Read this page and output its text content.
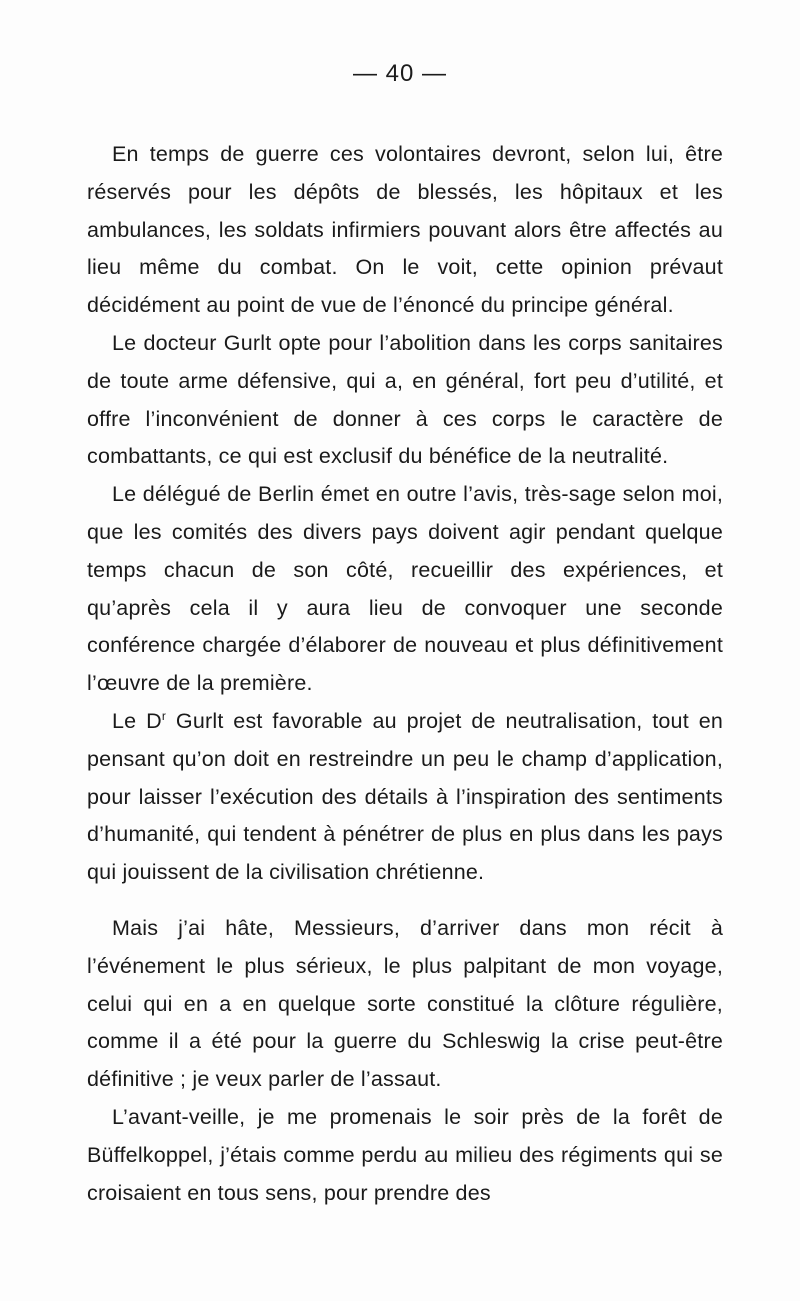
— 40 —

En temps de guerre ces volontaires devront, selon lui, être réservés pour les dépôts de blessés, les hôpitaux et les ambulances, les soldats infirmiers pouvant alors être affectés au lieu même du combat. On le voit, cette opinion prévaut décidément au point de vue de l’énoncé du principe général.

Le docteur Gurlt opte pour l’abolition dans les corps sanitaires de toute arme défensive, qui a, en général, fort peu d’utilité, et offre l’inconvénient de donner à ces corps le caractère de combattants, ce qui est exclusif du bénéfice de la neutralité.

Le délégué de Berlin émet en outre l’avis, très-sage selon moi, que les comités des divers pays doivent agir pendant quelque temps chacun de son côté, recueillir des expériences, et qu’après cela il y aura lieu de convoquer une seconde conférence chargée d’élaborer de nouveau et plus définitivement l’œuvre de la première.

Le $D^r$ Gurlt est favorable au projet de neutralisation, tout en pensant qu’on doit en restreindre un peu le champ d’application, pour laisser l’exécution des détails à l’inspiration des sentiments d’humanité, qui tendent à pénétrer de plus en plus dans les pays qui jouissent de la civilisation chrétienne.

Mais j’ai hâte, Messieurs, d’arriver dans mon récit à l’événement le plus sérieux, le plus palpitant de mon voyage, celui qui en a en quelque sorte constitué la clôture régulière, comme il a été pour la guerre du Schleswig la crise peut-être définitive ; je veux parler de l’assaut.

L’avant-veille, je me promenais le soir près de la forêt de Büffelkoppel, j’étais comme perdu au milieu des régiments qui se croisaient en tous sens, pour prendre des
